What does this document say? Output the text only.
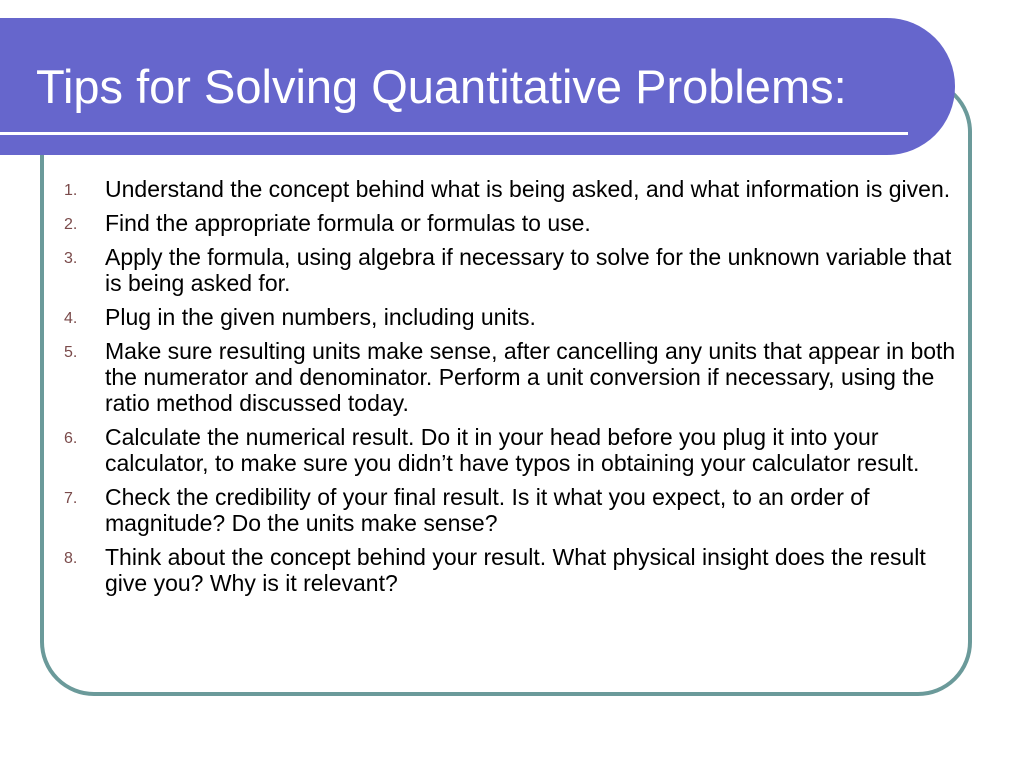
Tips for Solving Quantitative Problems:
1. Understand the concept behind what is being asked, and what information is given.
2. Find the appropriate formula or formulas to use.
3. Apply the formula, using algebra if necessary to solve for the unknown variable that is being asked for.
4. Plug in the given numbers, including units.
5. Make sure resulting units make sense, after cancelling any units that appear in both the numerator and denominator. Perform a unit conversion if necessary, using the ratio method discussed today.
6. Calculate the numerical result. Do it in your head before you plug it into your calculator, to make sure you didn’t have typos in obtaining your calculator result.
7. Check the credibility of your final result. Is it what you expect, to an order of magnitude? Do the units make sense?
8. Think about the concept behind your result. What physical insight does the result give you? Why is it relevant?
